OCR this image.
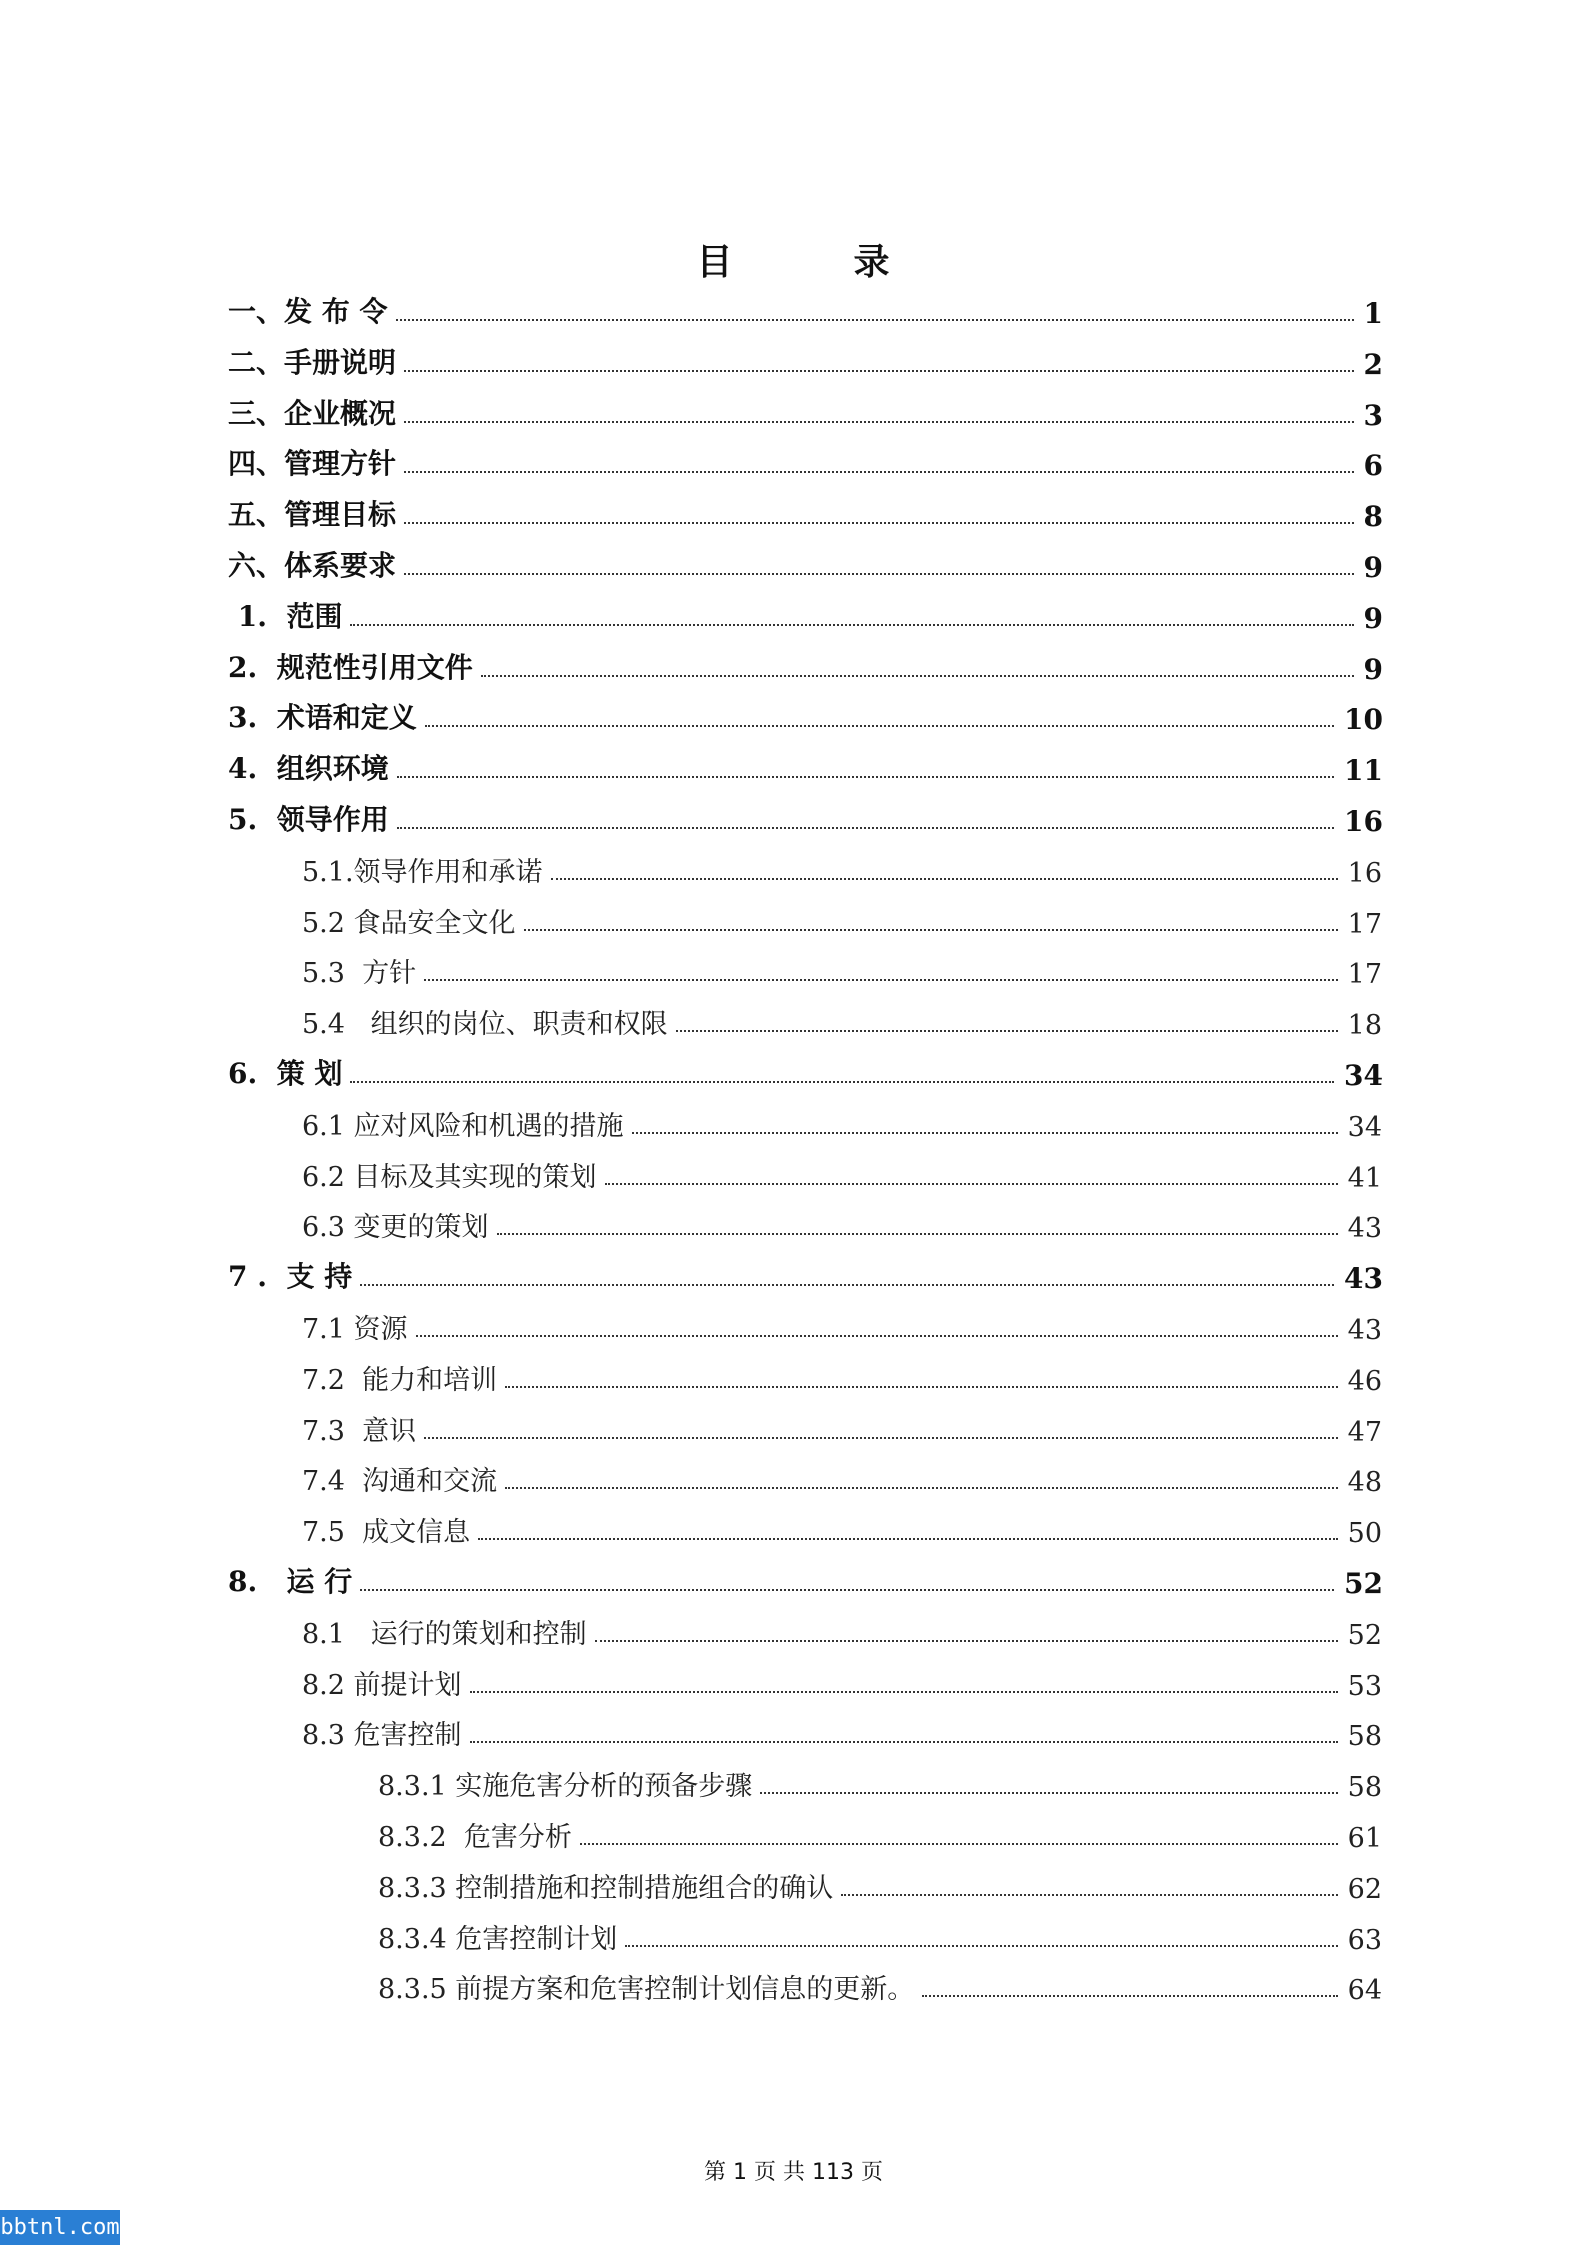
目	录
一、发 布 令	1
二、手册说明	2
三、企业概况	3
四、管理方针	6
五、管理目标	8
六、体系要求	9
1.  范围	9
2.  规范性引用文件	9
3.  术语和定义	10
4.  组织环境	11
5.  领导作用	16
5.1.领导作用和承诺	16
5.2 食品安全文化	17
5.3  方针	17
5.4   组织的岗位、职责和权限	18
6.  策 划	34
6.1 应对风险和机遇的措施	34
6.2 目标及其实现的策划	41
6.3 变更的策划	43
7 .  支 持	43
7.1 资源	43
7.2  能力和培训	46
7.3  意识	47
7.4  沟通和交流	48
7.5  成文信息	50
8.   运 行	52
8.1   运行的策划和控制	52
8.2 前提计划	53
8.3 危害控制	58
8.3.1 实施危害分析的预备步骤	58
8.3.2  危害分析	61
8.3.3 控制措施和控制措施组合的确认	62
8.3.4 危害控制计划	63
8.3.5 前提方案和危害控制计划信息的更新。	64
第 1 页 共 113 页
bbtnl.com
